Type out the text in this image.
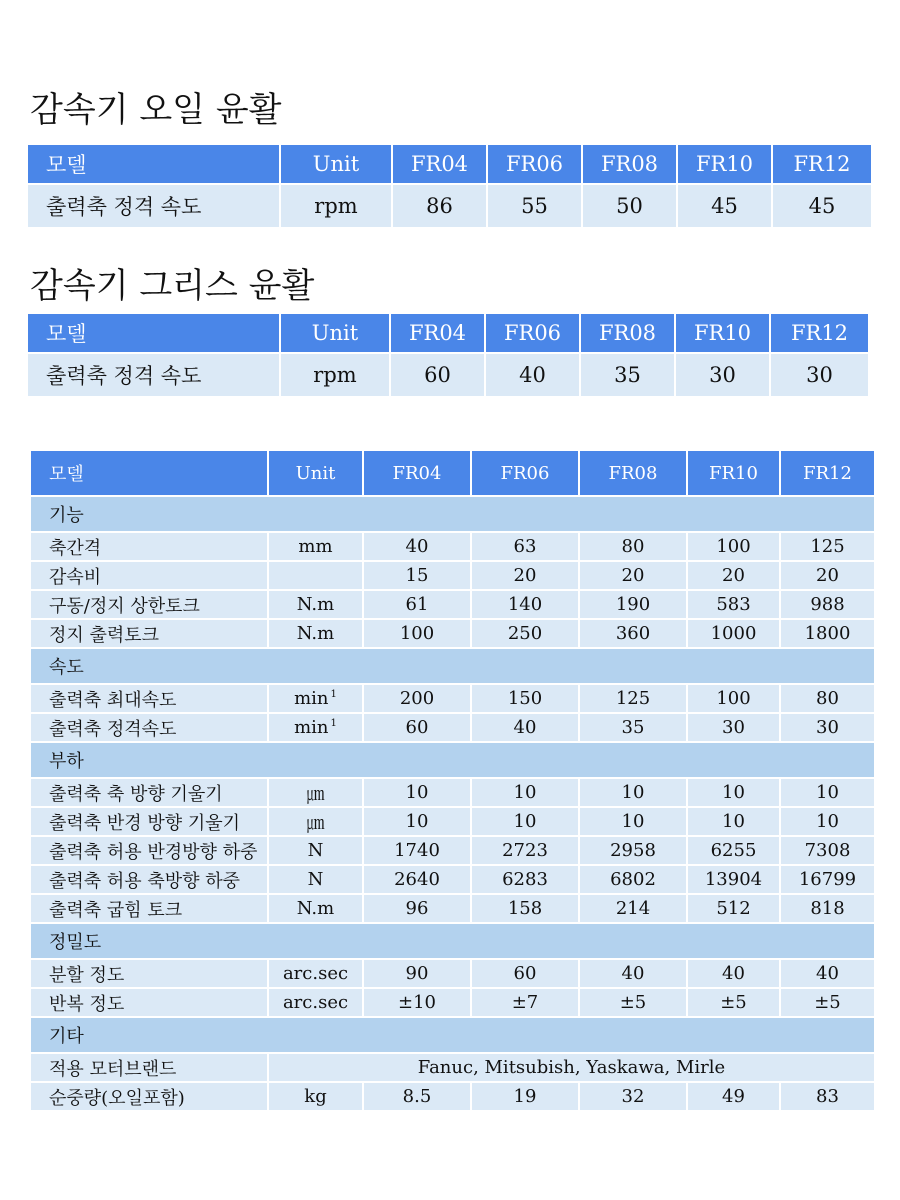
감속기 오일 윤활
모델	Unit	FR04	FR06	FR08	FR10	FR12
출력축 정격 속도	rpm	86	55	50	45	45
감속기 그리스 윤활
모델	Unit	FR04	FR06	FR08	FR10	FR12
출력축 정격 속도	rpm	60	40	35	30	30
모델	Unit	FR04	FR06	FR08	FR10	FR12
기능						
축간격	mm	40	63	80	100	125
감속비		15	20	20	20	20
구동/정지 상한토크	N.m	61	140	190	583	988
정지 출력토크	N.m	100	250	360	1000	1800
속도						
출력축 최대속도	min $^1$	200	150	125	100	80
출력축 정격속도	min $^1$	60	40	35	30	30
부하						
출력축 축 방향 기울기	㎛	10	10	10	10	10
출력축 반경 방향 기울기	㎛	10	10	10	10	10
출력축 허용 반경방향 하중	N	1740	2723	2958	6255	7308
출력축 허용 축방향 하중	N	2640	6283	6802	13904	16799
출력축 굽힘 토크	N.m	96	158	214	512	818
정밀도						
분할 정도	arc.sec	90	60	40	40	40
반복 정도	arc.sec	±10	±7	±5	±5	±5
기타						
적용 모터브랜드	Fanuc, Mitsubish, Yaskawa, Mirle					
순중량(오일포함)	kg	8.5	19	32	49	83
